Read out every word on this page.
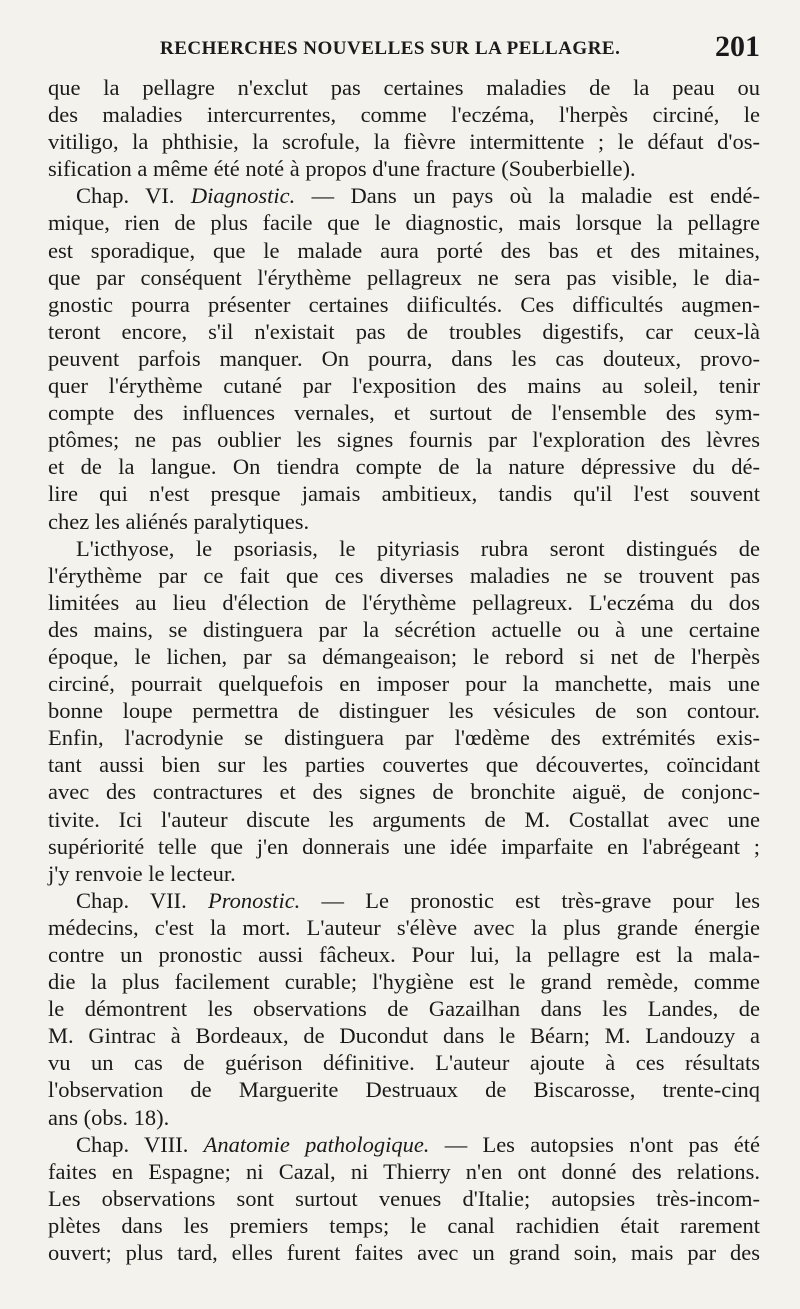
RECHERCHES NOUVELLES SUR LA PELLAGRE.	201
que la pellagre n'exclut pas certaines maladies de la peau ou
des maladies intercurrentes, comme l'eczéma, l'herpès circiné, le
vitiligo, la phthisie, la scrofule, la fièvre intermittente ; le défaut d'os-
sification a même été noté à propos d'une fracture (Souberbielle).
Chap. VI. Diagnostic. — Dans un pays où la maladie est endé-
mique, rien de plus facile que le diagnostic, mais lorsque la pellagre
est sporadique, que le malade aura porté des bas et des mitaines,
que par conséquent l'érythème pellagreux ne sera pas visible, le dia-
gnostic pourra présenter certaines diificultés. Ces difficultés augmen-
teront encore, s'il n'existait pas de troubles digestifs, car ceux-là
peuvent parfois manquer. On pourra, dans les cas douteux, provo-
quer l'érythème cutané par l'exposition des mains au soleil, tenir
compte des influences vernales, et surtout de l'ensemble des sym-
ptômes; ne pas oublier les signes fournis par l'exploration des lèvres
et de la langue. On tiendra compte de la nature dépressive du dé-
lire qui n'est presque jamais ambitieux, tandis qu'il l'est souvent
chez les aliénés paralytiques.
L'icthyose, le psoriasis, le pityriasis rubra seront distingués de
l'érythème par ce fait que ces diverses maladies ne se trouvent pas
limitées au lieu d'élection de l'érythème pellagreux. L'eczéma du dos
des mains, se distinguera par la sécrétion actuelle ou à une certaine
époque, le lichen, par sa démangeaison; le rebord si net de l'herpès
circiné, pourrait quelquefois en imposer pour la manchette, mais une
bonne loupe permettra de distinguer les vésicules de son contour.
Enfin, l'acrodynie se distinguera par l'œdème des extrémités exis-
tant aussi bien sur les parties couvertes que découvertes, coïncidant
avec des contractures et des signes de bronchite aiguë, de conjonc-
tivite. Ici l'auteur discute les arguments de M. Costallat avec une
supériorité telle que j'en donnerais une idée imparfaite en l'abrégeant ;
j'y renvoie le lecteur.
Chap. VII. Pronostic. — Le pronostic est très-grave pour les
médecins, c'est la mort. L'auteur s'élève avec la plus grande énergie
contre un pronostic aussi fâcheux. Pour lui, la pellagre est la mala-
die la plus facilement curable; l'hygiène est le grand remède, comme
le démontrent les observations de Gazailhan dans les Landes, de
M. Gintrac à Bordeaux, de Ducondut dans le Béarn; M. Landouzy a
vu un cas de guérison définitive. L'auteur ajoute à ces résultats
l'observation de Marguerite Destruaux de Biscarosse, trente-cinq
ans (obs. 18).
Chap. VIII. Anatomie pathologique. — Les autopsies n'ont pas été
faites en Espagne; ni Cazal, ni Thierry n'en ont donné des relations.
Les observations sont surtout venues d'Italie; autopsies très-incom-
plètes dans les premiers temps; le canal rachidien était rarement
ouvert; plus tard, elles furent faites avec un grand soin, mais par des
